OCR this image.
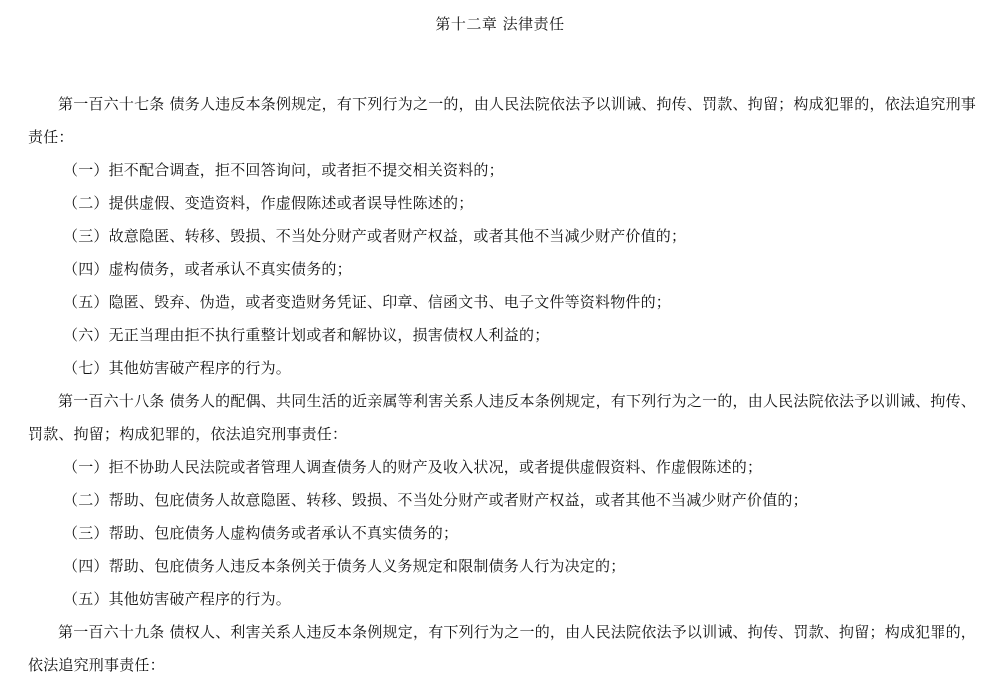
第十二章 法律责任

第一百六十七条 债务人违反本条例规定，有下列行为之一的，由人民法院依法予以训诫、拘传、罚款、拘留；构成犯罪的，依法追究刑事责任：

（一）拒不配合调查，拒不回答询问，或者拒不提交相关资料的；

（二）提供虚假、变造资料，作虚假陈述或者误导性陈述的；

（三）故意隐匿、转移、毁损、不当处分财产或者财产权益，或者其他不当减少财产价值的；

（四）虚构债务，或者承认不真实债务的；

（五）隐匿、毁弃、伪造，或者变造财务凭证、印章、信函文书、电子文件等资料物件的；

（六）无正当理由拒不执行重整计划或者和解协议，损害债权人利益的；

（七）其他妨害破产程序的行为。

第一百六十八条 债务人的配偶、共同生活的近亲属等利害关系人违反本条例规定，有下列行为之一的，由人民法院依法予以训诫、拘传、罚款、拘留；构成犯罪的，依法追究刑事责任：

（一）拒不协助人民法院或者管理人调查债务人的财产及收入状况，或者提供虚假资料、作虚假陈述的；

（二）帮助、包庇债务人故意隐匿、转移、毁损、不当处分财产或者财产权益，或者其他不当减少财产价值的；

（三）帮助、包庇债务人虚构债务或者承认不真实债务的；

（四）帮助、包庇债务人违反本条例关于债务人义务规定和限制债务人行为决定的；

（五）其他妨害破产程序的行为。

第一百六十九条 债权人、利害关系人违反本条例规定，有下列行为之一的，由人民法院依法予以训诫、拘传、罚款、拘留；构成犯罪的，依法追究刑事责任：
